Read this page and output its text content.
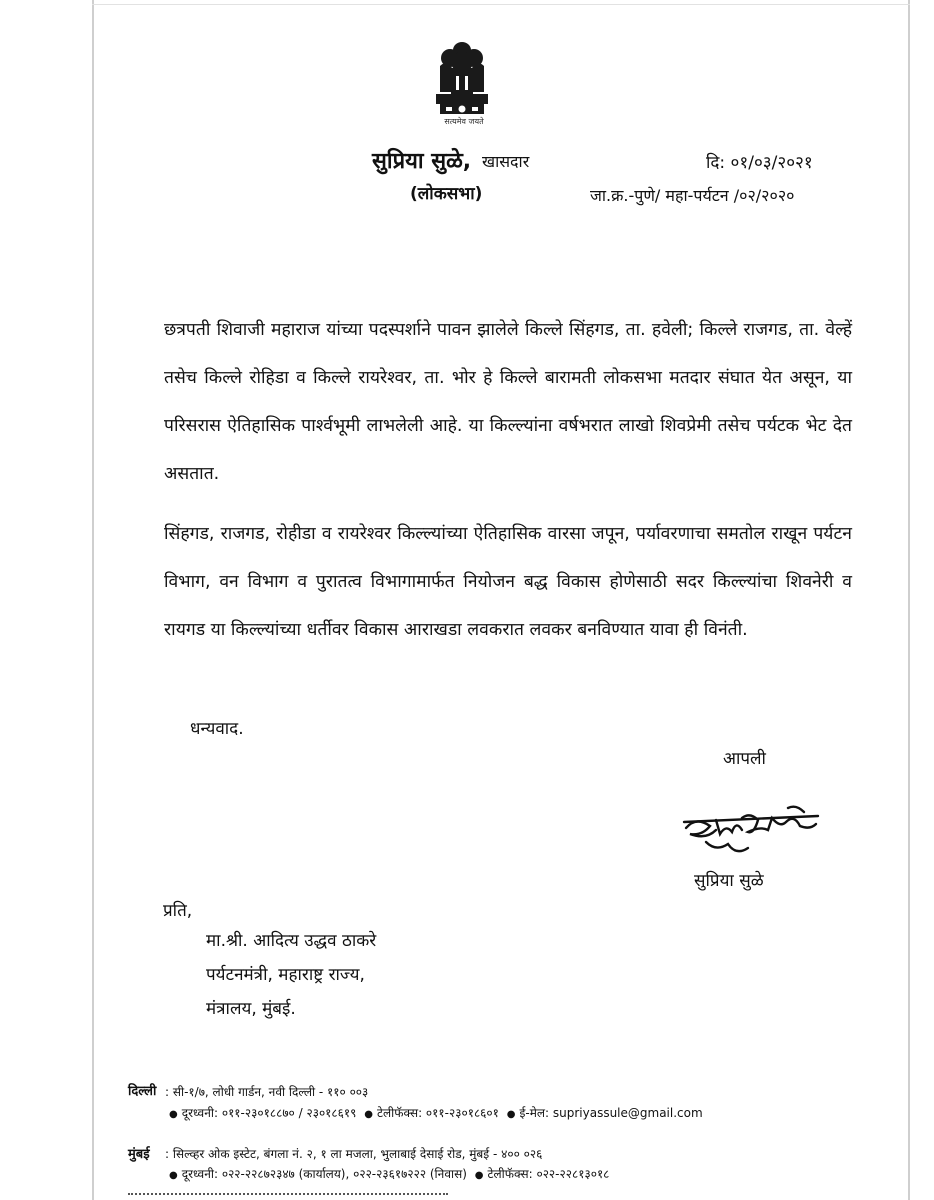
सत्यमेव जयते
सुप्रिया सुळे, खासदार
(लोकसभा)
दि: ०१/०३/२०२१
जा.क्र.-पुणे/ महा-पर्यटन /०२/२०२०
छत्रपती शिवाजी महाराज यांच्या पदस्पर्शाने पावन झालेले किल्ले सिंहगड, ता. हवेली; किल्ले राजगड, ता. वेल्हें तसेच किल्ले रोहिडा व किल्ले रायरेश्वर, ता. भोर हे किल्ले बारामती लोकसभा मतदार संघात येत असून, या परिसरास ऐतिहासिक पार्श्वभूमी लाभलेली आहे. या किल्ल्यांना वर्षभरात लाखो शिवप्रेमी तसेच पर्यटक भेट देत असतात.
सिंहगड, राजगड, रोहीडा व रायरेश्वर किल्ल्यांच्या ऐतिहासिक वारसा जपून, पर्यावरणाचा समतोल राखून पर्यटन विभाग, वन विभाग व पुरातत्व विभागामार्फत नियोजन बद्ध विकास होणेसाठी सदर किल्ल्यांचा शिवनेरी व रायगड या किल्ल्यांच्या धर्तीवर विकास आराखडा लवकरात लवकर बनविण्यात यावा ही विनंती.
धन्यवाद.
आपली
सुप्रिया सुळे
प्रति,
मा.श्री. आदित्य उद्धव ठाकरे
पर्यटनमंत्री, महाराष्ट्र राज्य,
मंत्रालय, मुंबई.
दिल्ली : सी-१/७, लोधी गार्डन, नवी दिल्ली - ११० ००३
● दूरध्वनी: ०११-२३०१८८७० / २३०१८६१९ ● टेलीफॅक्स: ०११-२३०१८६०१ ● ई-मेल: supriyassule@gmail.com
मुंबई : सिल्व्हर ओक इस्टेट, बंगला नं. २, १ ला मजला, भुलाबाई देसाई रोड, मुंबई - ४०० ०२६
● दूरध्वनी: ०२२-२२८७२३४७ (कार्यालय), ०२२-२३६१७२२२ (निवास) ● टेलीफॅक्स: ०२२-२२८१३०१८
